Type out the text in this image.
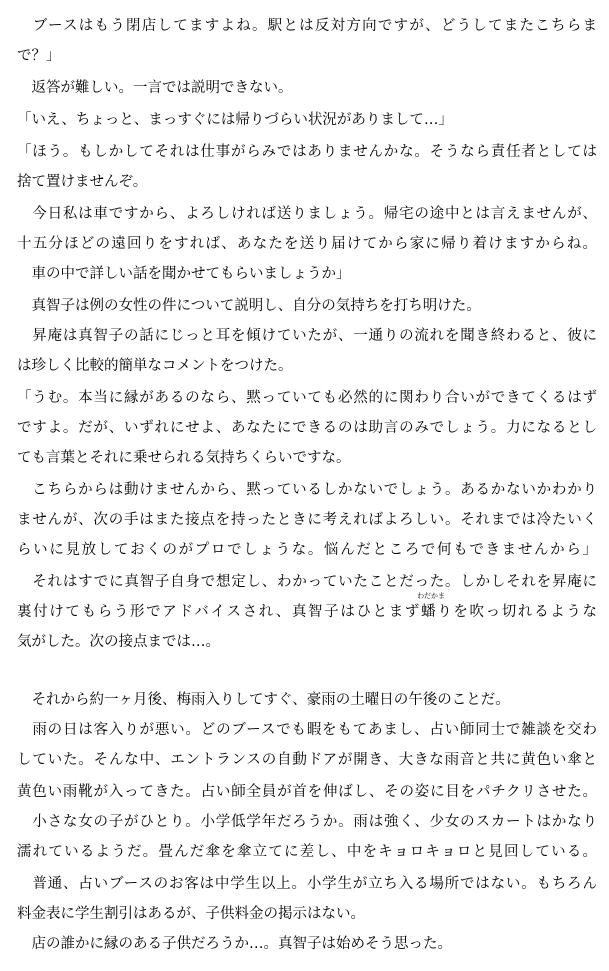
　ブースはもう閉店してますよね。駅とは反対方向ですが、どうしてまたこちらま
で？」
　返答が難しい。一言では説明できない。
「いえ、ちょっと、まっすぐには帰りづらい状況がありまして…」
「ほう。もしかしてそれは仕事がらみではありませんかな。そうなら責任者としては
捨て置けませんぞ。
　今日私は車ですから、よろしければ送りましょう。帰宅の途中とは言えませんが、
十五分ほどの遠回りをすれば、あなたを送り届けてから家に帰り着けますからね。
　車の中で詳しい話を聞かせてもらいましょうか」
　真智子は例の女性の件について説明し、自分の気持ちを打ち明けた。
　昇庵は真智子の話にじっと耳を傾けていたが、一通りの流れを聞き終わると、彼に
は珍しく比較的簡単なコメントをつけた。
「うむ。本当に縁があるのなら、黙っていても必然的に関わり合いができてくるはず
ですよ。だが、いずれにせよ、あなたにできるのは助言のみでしょう。力になるとし
ても言葉とそれに乗せられる気持ちくらいですな。
　こちらからは動けませんから、黙っているしかないでしょう。あるかないかわかり
ませんが、次の手はまた接点を持ったときに考えればよろしい。それまでは冷たいく
らいに見放しておくのがプロでしょうな。悩んだところで何もできませんから」
　それはすでに真智子自身で想定し、わかっていたことだった。しかしそれを昇庵に
裏付けてもらう形でアドバイスされ、真智子はひとまず
わだかま
蟠りを吹っ切れるような
気がした。次の接点までは…。
　それから約一ヶ月後、梅雨入りしてすぐ、豪雨の土曜日の午後のことだ。
　雨の日は客入りが悪い。どのブースでも暇をもてあまし、占い師同士で雑談を交わ
していた。そんな中、エントランスの自動ドアが開き、大きな雨音と共に黄色い傘と
黄色い雨靴が入ってきた。占い師全員が首を伸ばし、その姿に目をパチクリさせた。
　小さな女の子がひとり。小学低学年だろうか。雨は強く、少女のスカートはかなり
濡れているようだ。畳んだ傘を傘立てに差し、中をキョロキョロと見回している。
　普通、占いブースのお客は中学生以上。小学生が立ち入る場所ではない。もちろん
料金表に学生割引はあるが、子供料金の掲示はない。
　店の誰かに縁のある子供だろうか…。真智子は始めそう思った。
